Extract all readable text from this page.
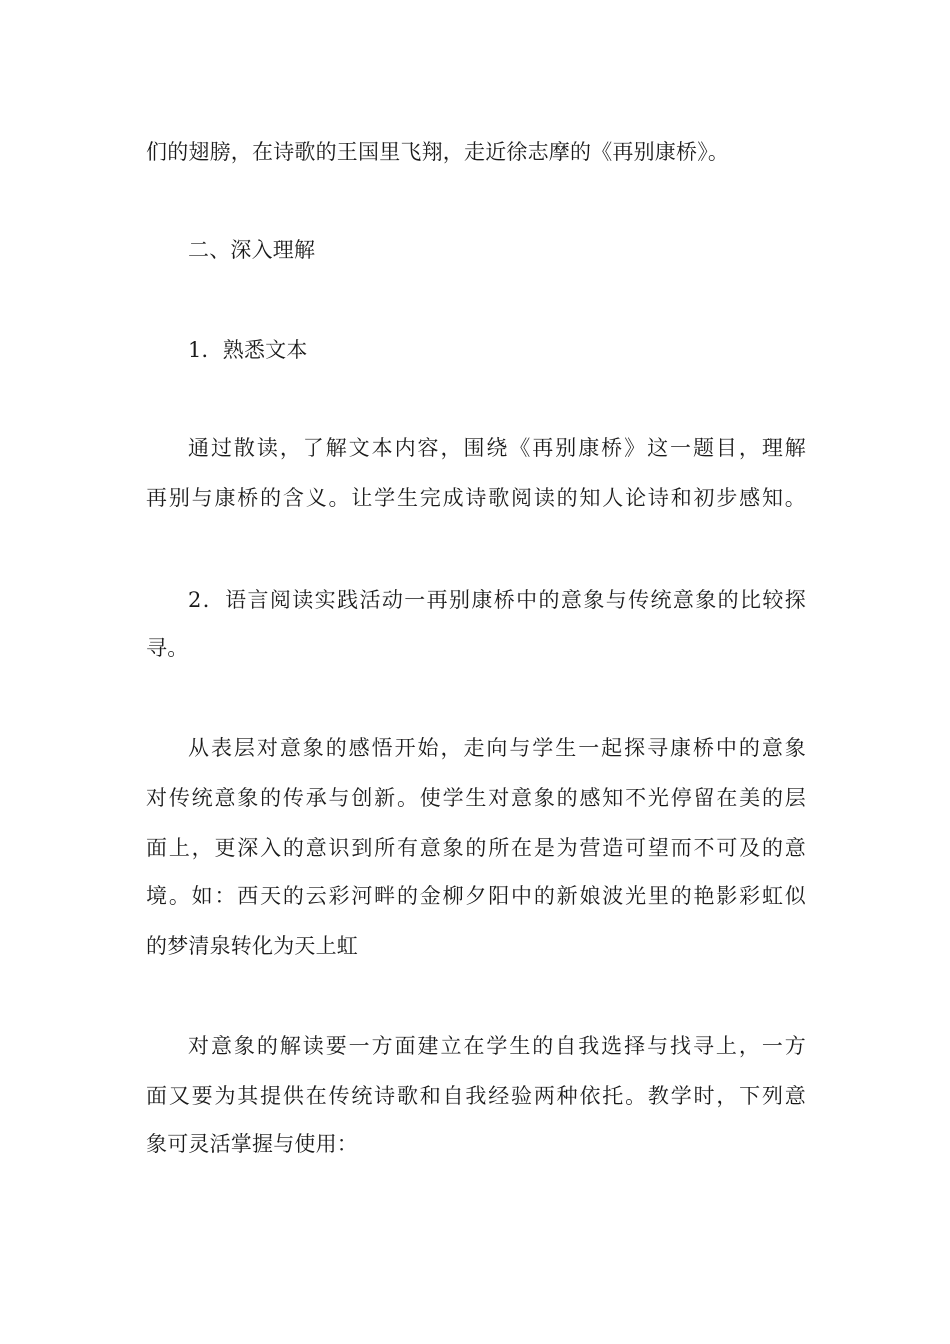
们的翅膀，在诗歌的王国里飞翔，走近徐志摩的《再别康桥》。
二、深入理解
1．熟悉文本
通过散读，了解文本内容，围绕《再别康桥》这一题目，理解
再别与康桥的含义。让学生完成诗歌阅读的知人论诗和初步感知。
2．语言阅读实践活动一再别康桥中的意象与传统意象的比较探
寻。
从表层对意象的感悟开始，走向与学生一起探寻康桥中的意象
对传统意象的传承与创新。使学生对意象的感知不光停留在美的层
面上，更深入的意识到所有意象的所在是为营造可望而不可及的意
境。如：西天的云彩河畔的金柳夕阳中的新娘波光里的艳影彩虹似
的梦清泉转化为天上虹
对意象的解读要一方面建立在学生的自我选择与找寻上，一方
面又要为其提供在传统诗歌和自我经验两种依托。教学时，下列意
象可灵活掌握与使用：
